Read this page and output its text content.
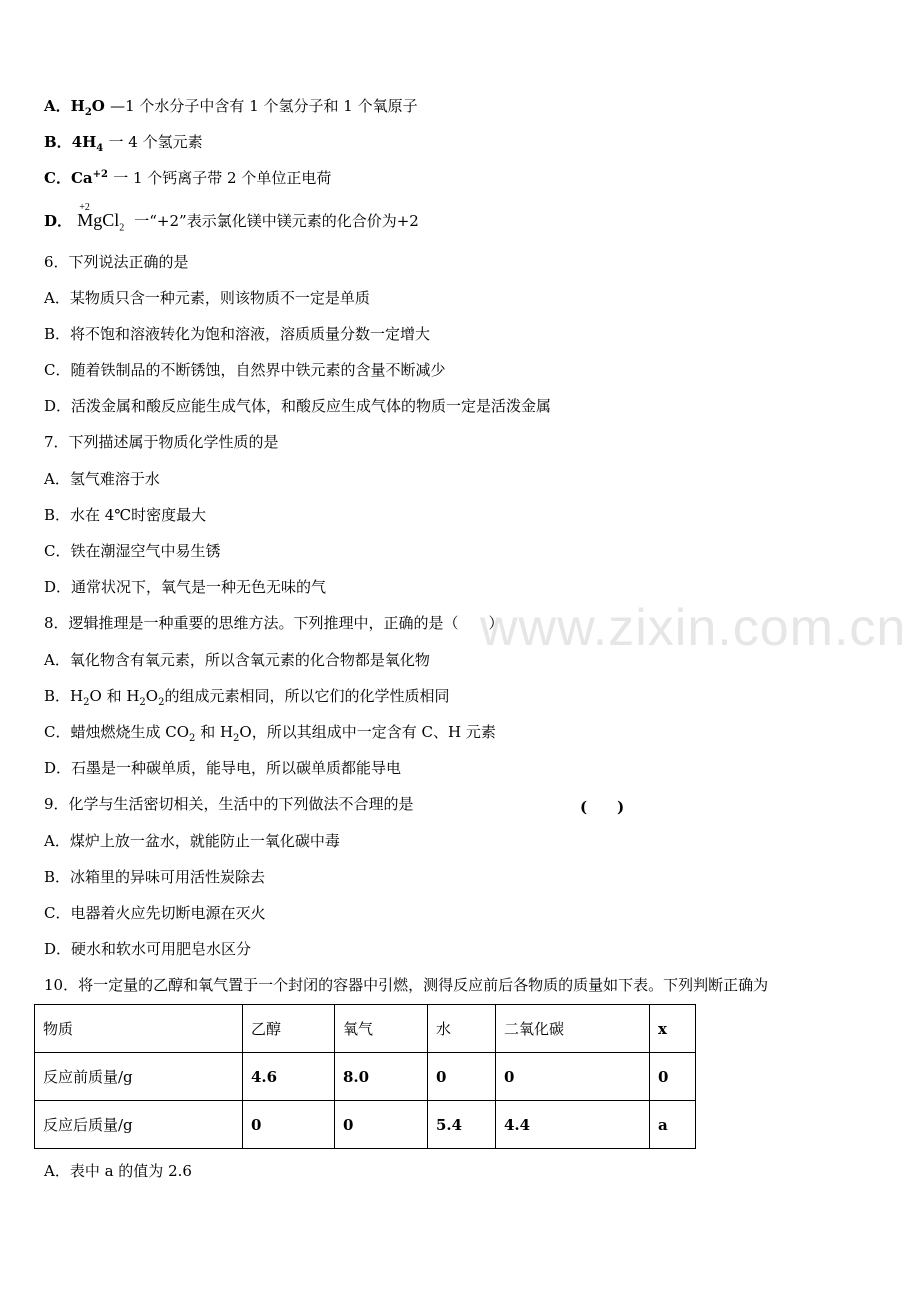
www.zixin.com.cn
A．$H_2O$ —1 个水分子中含有 1 个氢分子和 1 个氧原子
B．$4H_4$ 一 4 个氢元素
C．$Ca^{+2}$ 一 1 个钙离子带 2 个单位正电荷
D．
+2
MgCl$_2$ 一“+2”表示氯化镁中镁元素的化合价为+2
6．下列说法正确的是
A．某物质只含一种元素，则该物质不一定是单质
B．将不饱和溶液转化为饱和溶液，溶质质量分数一定增大
C．随着铁制品的不断锈蚀，自然界中铁元素的含量不断减少
D．活泼金属和酸反应能生成气体，和酸反应生成气体的物质一定是活泼金属
7．下列描述属于物质化学性质的是
A．氢气难溶于水
B．水在 4℃时密度最大
C．铁在潮湿空气中易生锈
D．通常状况下，氧气是一种无色无味的气
8．逻辑推理是一种重要的思维方法。下列推理中，正确的是（　　）
A．氧化物含有氧元素，所以含氧元素的化合物都是氧化物
B．$H_2O$ 和 $H_2O_2$的组成元素相同，所以它们的化学性质相同
C．蜡烛燃烧生成 $CO_2$ 和 $H_2O$，所以其组成中一定含有 C、H 元素
D．石墨是一种碳单质，能导电，所以碳单质都能导电
9．化学与生活密切相关，生活中的下列做法不合理的是	(　　)
A．煤炉上放一盆水，就能防止一氧化碳中毒
B．冰箱里的异味可用活性炭除去
C．电器着火应先切断电源在灭火
D．硬水和软水可用肥皂水区分
10．将一定量的乙醇和氧气置于一个封闭的容器中引燃，测得反应前后各物质的质量如下表。下列判断正确为
物质	乙醇	氧气	水	二氧化碳	x
反应前质量/g	4.6	8.0	0	0	0
反应后质量/g	0	0	5.4	4.4	a
A．表中 a 的值为 2.6
